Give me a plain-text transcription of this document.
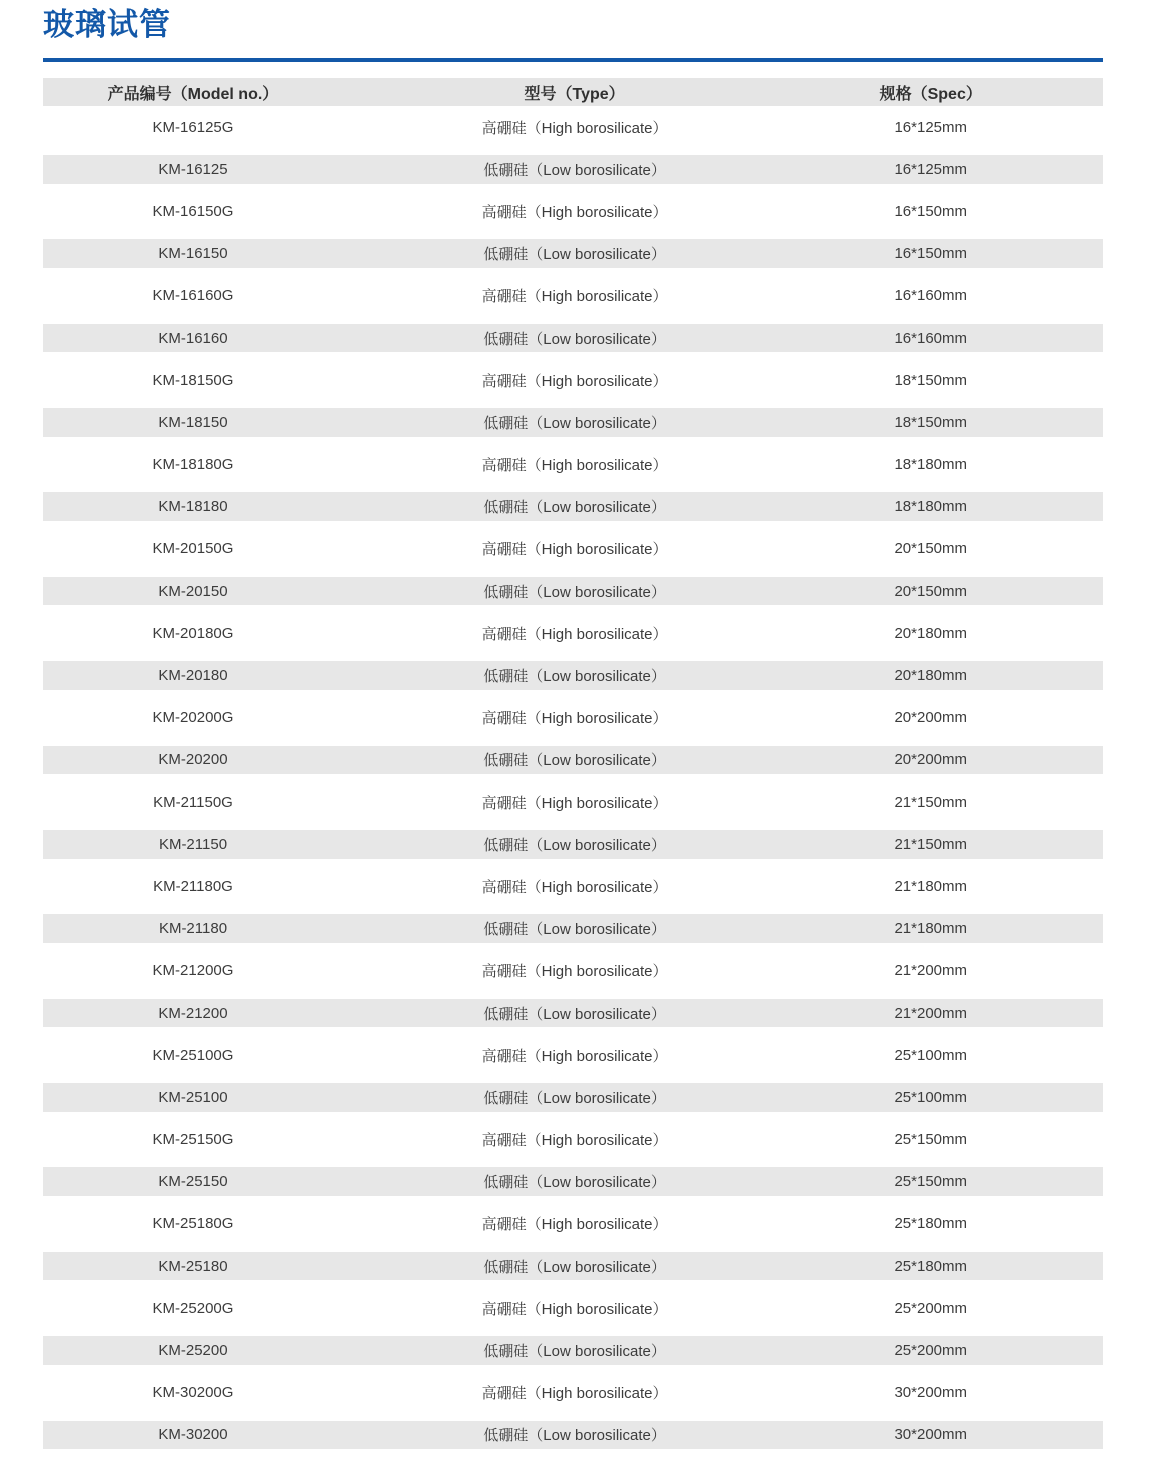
玻璃试管
产品编号（Model no.）	型号（Type）	规格（Spec）
KM-16125G	高硼硅（High borosilicate）	16*125mm
KM-16125	低硼硅（Low borosilicate）	16*125mm
KM-16150G	高硼硅（High borosilicate）	16*150mm
KM-16150	低硼硅（Low borosilicate）	16*150mm
KM-16160G	高硼硅（High borosilicate）	16*160mm
KM-16160	低硼硅（Low borosilicate）	16*160mm
KM-18150G	高硼硅（High borosilicate）	18*150mm
KM-18150	低硼硅（Low borosilicate）	18*150mm
KM-18180G	高硼硅（High borosilicate）	18*180mm
KM-18180	低硼硅（Low borosilicate）	18*180mm
KM-20150G	高硼硅（High borosilicate）	20*150mm
KM-20150	低硼硅（Low borosilicate）	20*150mm
KM-20180G	高硼硅（High borosilicate）	20*180mm
KM-20180	低硼硅（Low borosilicate）	20*180mm
KM-20200G	高硼硅（High borosilicate）	20*200mm
KM-20200	低硼硅（Low borosilicate）	20*200mm
KM-21150G	高硼硅（High borosilicate）	21*150mm
KM-21150	低硼硅（Low borosilicate）	21*150mm
KM-21180G	高硼硅（High borosilicate）	21*180mm
KM-21180	低硼硅（Low borosilicate）	21*180mm
KM-21200G	高硼硅（High borosilicate）	21*200mm
KM-21200	低硼硅（Low borosilicate）	21*200mm
KM-25100G	高硼硅（High borosilicate）	25*100mm
KM-25100	低硼硅（Low borosilicate）	25*100mm
KM-25150G	高硼硅（High borosilicate）	25*150mm
KM-25150	低硼硅（Low borosilicate）	25*150mm
KM-25180G	高硼硅（High borosilicate）	25*180mm
KM-25180	低硼硅（Low borosilicate）	25*180mm
KM-25200G	高硼硅（High borosilicate）	25*200mm
KM-25200	低硼硅（Low borosilicate）	25*200mm
KM-30200G	高硼硅（High borosilicate）	30*200mm
KM-30200	低硼硅（Low borosilicate）	30*200mm
